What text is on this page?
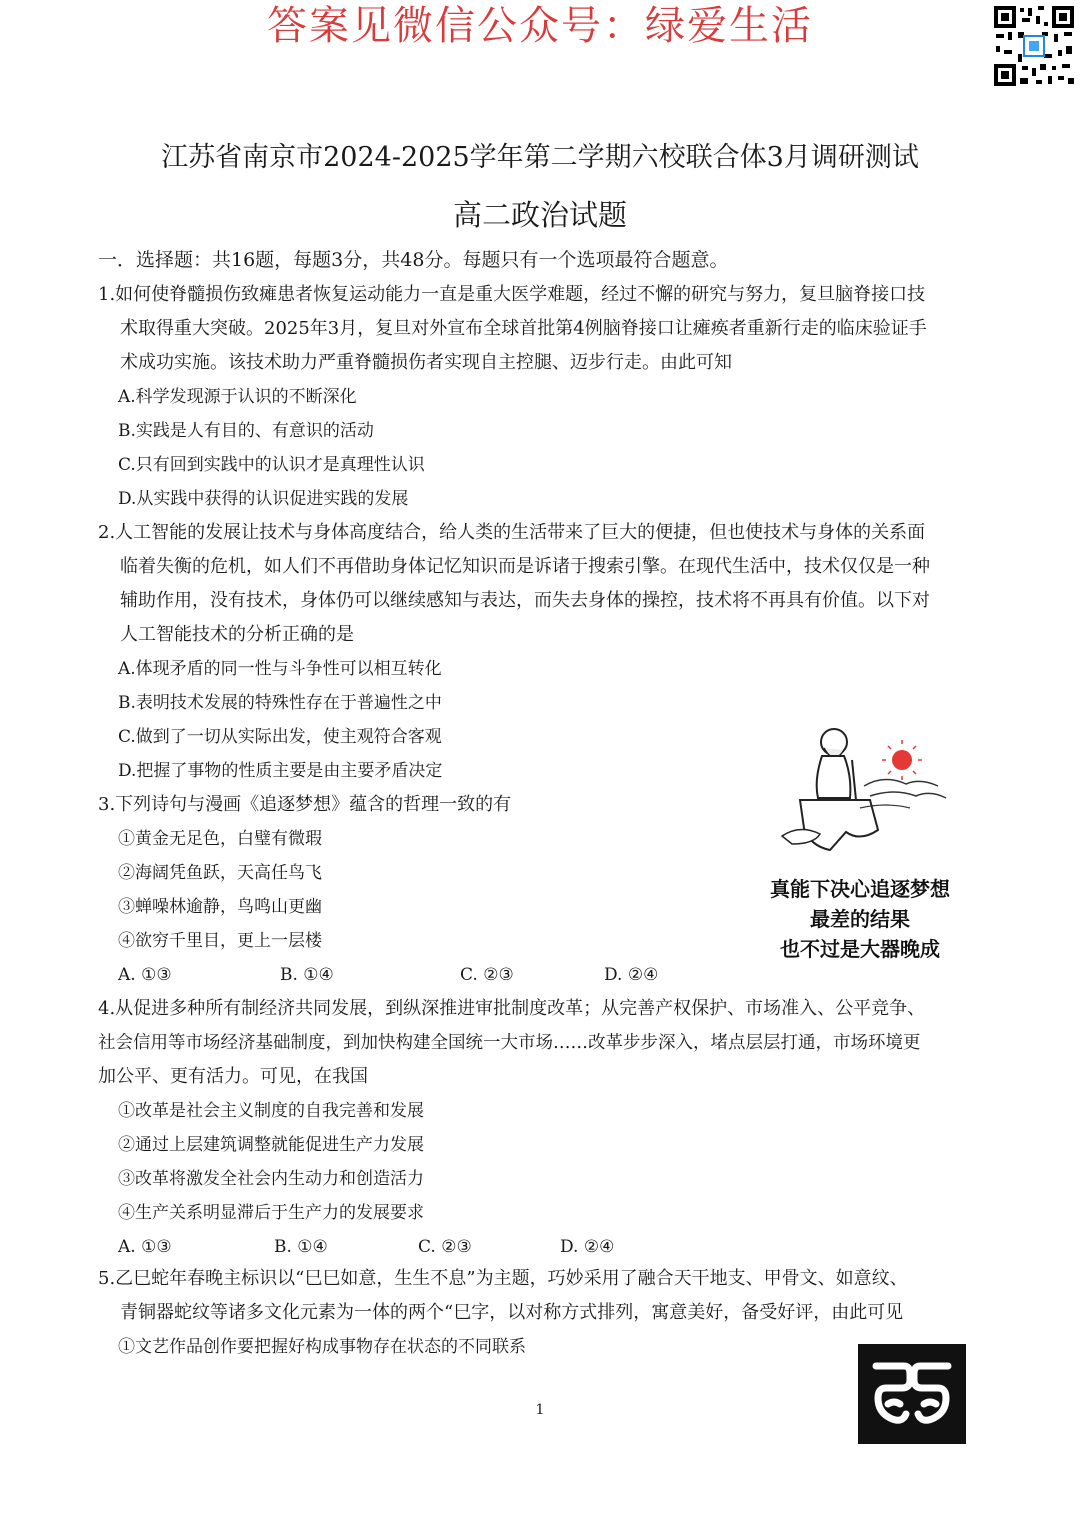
答案见微信公众号：绿爱生活
江苏省南京市2024-2025学年第二学期六校联合体3月调研测试
高二政治试题
一．选择题：共16题，每题3分，共48分。每题只有一个选项最符合题意。
1.如何使脊髓损伤致瘫患者恢复运动能力一直是重大医学难题，经过不懈的研究与努力，复旦脑脊接口技
术取得重大突破。2025年3月，复旦对外宣布全球首批第4例脑脊接口让瘫痪者重新行走的临床验证手
术成功实施。该技术助力严重脊髓损伤者实现自主控腿、迈步行走。由此可知
A.科学发现源于认识的不断深化
B.实践是人有目的、有意识的活动
C.只有回到实践中的认识才是真理性认识
D.从实践中获得的认识促进实践的发展
2.人工智能的发展让技术与身体高度结合，给人类的生活带来了巨大的便捷，但也使技术与身体的关系面
临着失衡的危机，如人们不再借助身体记忆知识而是诉诸于搜索引擎。在现代生活中，技术仅仅是一种
辅助作用，没有技术，身体仍可以继续感知与表达，而失去身体的操控，技术将不再具有价值。以下对
人工智能技术的分析正确的是
A.体现矛盾的同一性与斗争性可以相互转化
B.表明技术发展的特殊性存在于普遍性之中
C.做到了一切从实际出发，使主观符合客观
D.把握了事物的性质主要是由主要矛盾决定
3.下列诗句与漫画《追逐梦想》蕴含的哲理一致的有
①黄金无足色，白璧有微瑕
②海阔凭鱼跃，天高任鸟飞
③蝉噪林逾静，鸟鸣山更幽
④欲穷千里目，更上一层楼
A. ①③	B. ①④	C. ②③	D. ②④
真能下决心追逐梦想
最差的结果
也不过是大器晚成
4.从促进多种所有制经济共同发展，到纵深推进审批制度改革；从完善产权保护、市场准入、公平竞争、
社会信用等市场经济基础制度，到加快构建全国统一大市场……改革步步深入，堵点层层打通，市场环境更
加公平、更有活力。可见，在我国
①改革是社会主义制度的自我完善和发展
②通过上层建筑调整就能促进生产力发展
③改革将激发全社会内生动力和创造活力
④生产关系明显滞后于生产力的发展要求
A. ①③	B. ①④	C. ②③	D. ②④
5.乙巳蛇年春晚主标识以“巳巳如意，生生不息”为主题，巧妙采用了融合天干地支、甲骨文、如意纹、
青铜器蛇纹等诸多文化元素为一体的两个“巳字，以对称方式排列，寓意美好，备受好评，由此可见
①文艺作品创作要把握好构成事物存在状态的不同联系
1
